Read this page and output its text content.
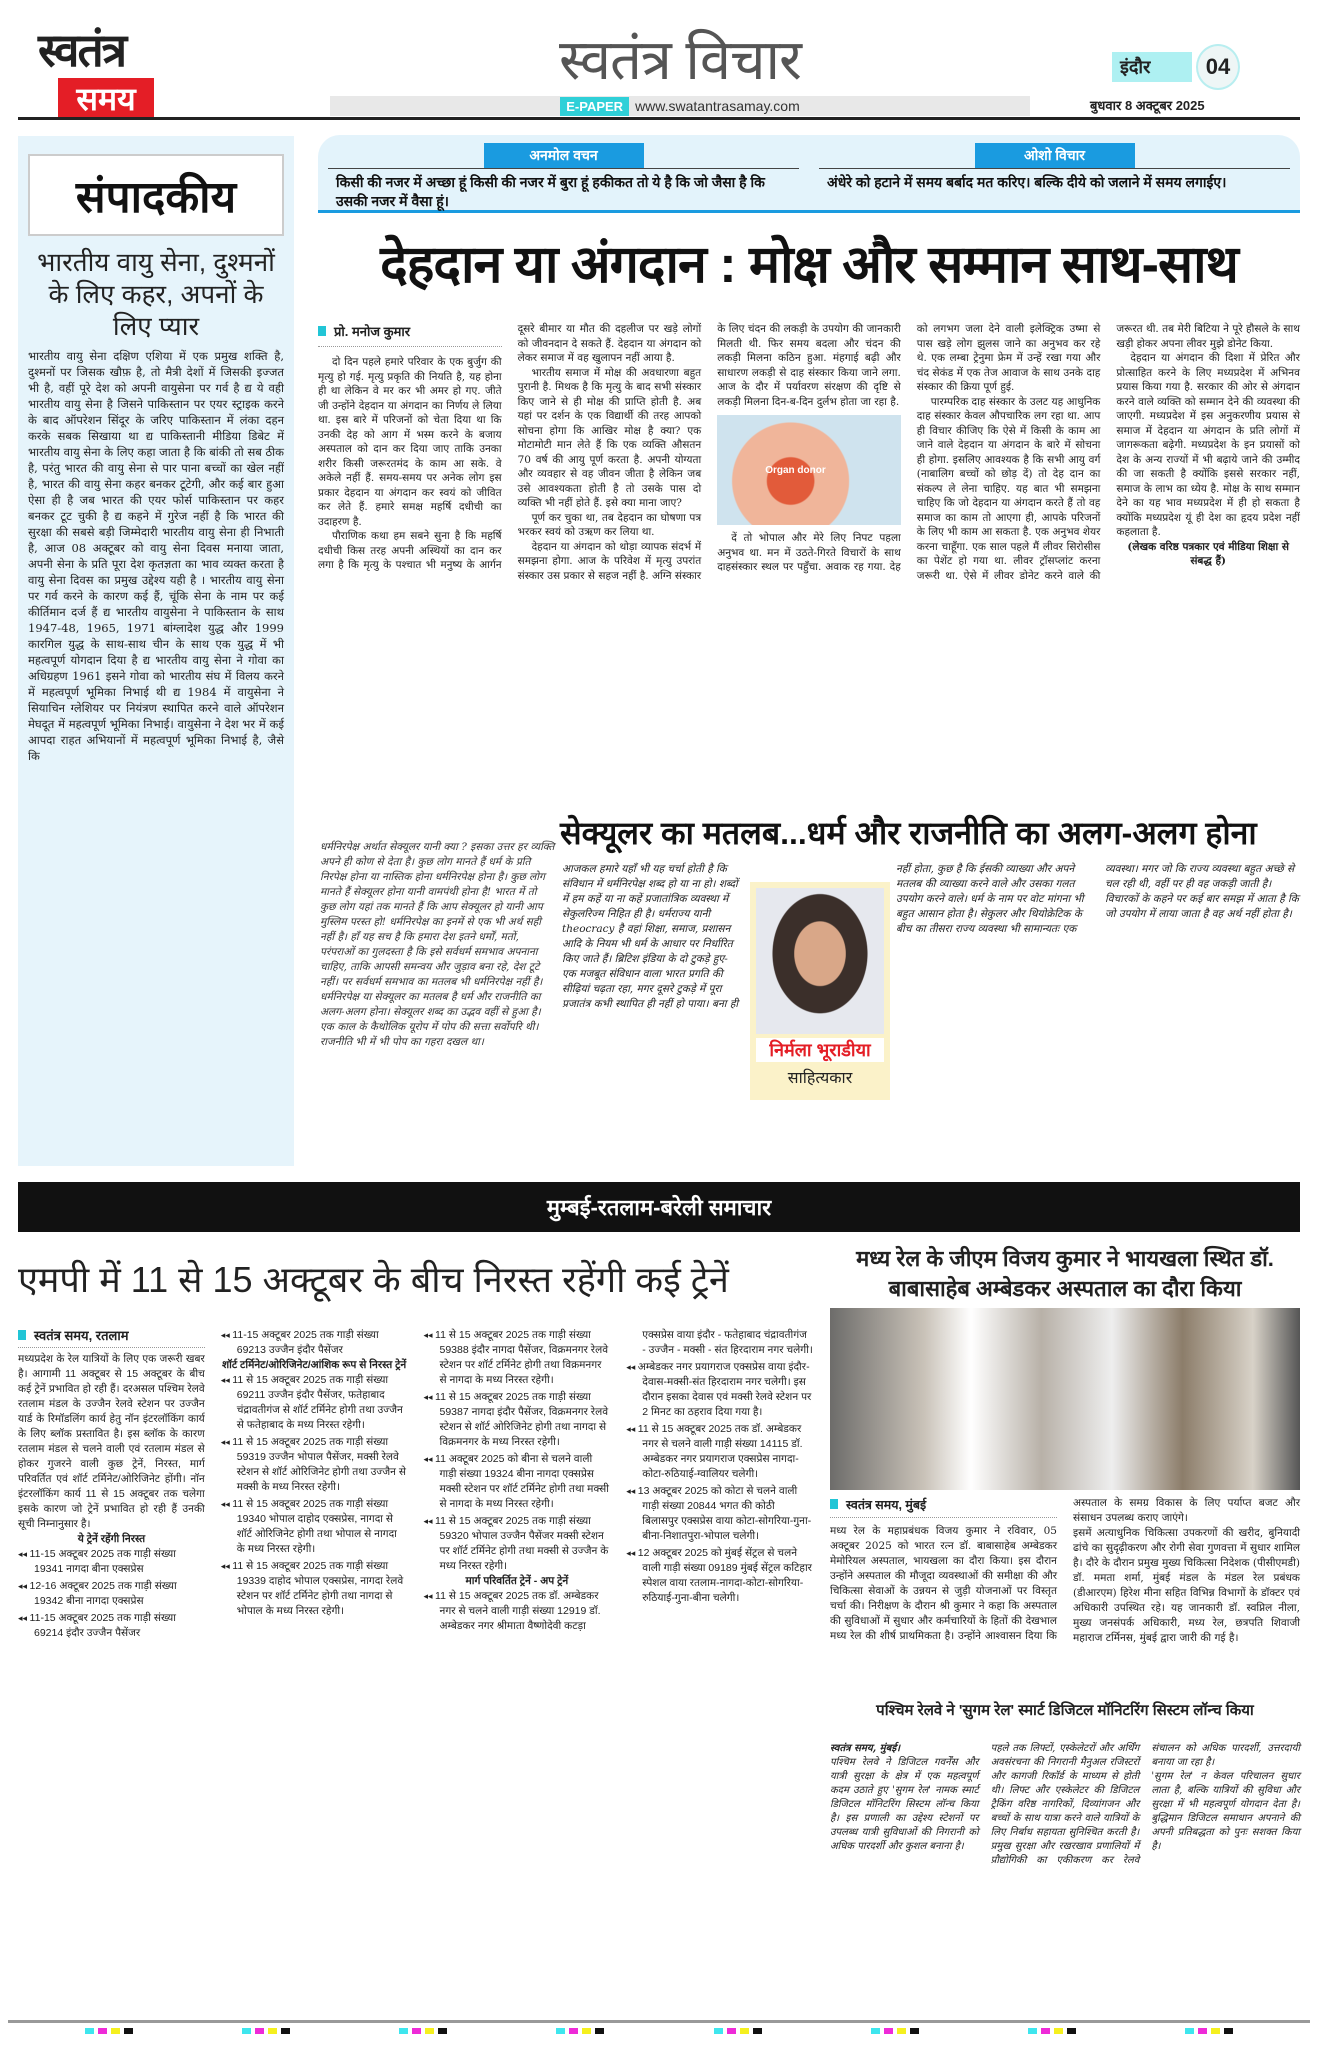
स्वतंत्र
समय
स्वतंत्र विचार
E-PAPER www.swatantrasamay.com
इंदौर	04
बुधवार 8 अक्टूबर 2025
संपादकीय
भारतीय वायु सेना, दुश्मनों के लिए कहर, अपनों के लिए प्यार

भारतीय वायु सेना दक्षिण एशिया में एक प्रमुख शक्ति है, दुश्मनों पर जिसक खौफ़ है, तो मैत्री देशों में जिसकी इज्जत भी है, वहीं पूरे देश को अपनी वायुसेना पर गर्व है द्य ये वही भारतीय वायु सेना है जिसने पाकिस्तान पर एयर स्ट्राइक करने के बाद ऑपरेशन सिंदूर के जरिए पाकिस्तान में लंका दहन करके सबक सिखाया था द्य पाकिस्तानी मीडिया डिबेट में भारतीय वायु सेना के लिए कहा जाता है कि बांकी तो सब ठीक है, परंतु भारत की वायु सेना से पार पाना बच्चों का खेल नहीं है, भारत की वायु सेना कहर बनकर टूटेगी, और कई बार हुआ ऐसा ही है जब भारत की एयर फोर्स पाकिस्तान पर कहर बनकर टूट चुकी है द्य कहने में गुरेज नहीं है कि भारत की सुरक्षा की सबसे बड़ी जिम्मेदारी भारतीय वायु सेना ही निभाती है, आज 08 अक्टूबर को वायु सेना दिवस मनाया जाता, अपनी सेना के प्रति पूरा देश कृतज्ञता का भाव व्यक्त करता है वायु सेना दिवस का प्रमुख उद्देश्य यही है । भारतीय वायु सेना पर गर्व करने के कारण कई हैं, चूंकि सेना के नाम पर कई कीर्तिमान दर्ज हैं द्य भारतीय वायुसेना ने पाकिस्तान के साथ 1947-48, 1965, 1971 बांग्लादेश युद्ध और 1999 कारगिल युद्ध के साथ-साथ चीन के साथ एक युद्ध में भी महत्वपूर्ण योगदान दिया है द्य भारतीय वायु सेना ने गोवा का अधिग्रहण 1961 इसने गोवा को भारतीय संघ में विलय करने में महत्वपूर्ण भूमिका निभाई थी द्य 1984 में वायुसेना ने सियाचिन ग्लेशियर पर नियंत्रण स्थापित करने वाले ऑपरेशन मेघदूत में महत्वपूर्ण भूमिका निभाई। वायुसेना ने देश भर में कई आपदा राहत अभियानों में महत्वपूर्ण भूमिका निभाई है, जैसे कि

अनमोल वचन
किसी की नजर में अच्छा हूं किसी की नजर में बुरा हूं हकीकत तो ये है कि जो जैसा है कि उसकी नजर में वैसा हूं।
ओशो विचार
अंधेरे को हटाने में समय बर्बाद मत करिए। बल्कि दीये को जलाने में समय लगाईए।
देहदान या अंगदान : मोक्ष और सम्मान साथ-साथ
प्रो. मनोज कुमार

दो दिन पहले हमारे परिवार के एक बुर्जुग की मृत्यु हो गई. मृत्यु प्रकृति की नियति है, यह होना ही था लेकिन वे मर कर भी अमर हो गए. जीते जी उन्होंने देहदान या अंगदान का निर्णय ले लिया था. इस बारे में परिजनों को चेता दिया था कि उनकी देह को आग में भस्म करने के बजाय अस्पताल को दान कर दिया जाए ताकि उनका शरीर किसी जरूरतमंद के काम आ सके. वे अकेले नहीं हैं. समय-समय पर अनेक लोग इस प्रकार देहदान या अंगदान कर स्वयं को जीवित कर लेते हैं. हमारे समक्ष महर्षि दधीची का उदाहरण है.

पौराणिक कथा हम सबने सुना है कि महर्षि दधीची किस तरह अपनी अस्थियों का दान कर लगा है कि मृत्यु के पश्चात भी मनुष्य के आर्गन दूसरे बीमार या मौत की दहलीज पर खड़े लोगों को जीवनदान दे सकते हैं. देहदान या अंगदान को लेकर समाज में वह खुलापन नहीं आया है.

भारतीय समाज में मोक्ष की अवधारणा बहुत पुरानी है. मिथक है कि मृत्यु के बाद सभी संस्कार किए जाने से ही मोक्ष की प्राप्ति होती है. अब यहां पर दर्शन के एक विद्यार्थी की तरह आपको सोचना होगा कि आखिर मोक्ष है क्या? एक मोटामोटी मान लेते हैं कि एक व्यक्ति औसतन 70 वर्ष की आयु पूर्ण करता है. अपनी योग्यता और व्यवहार से वह जीवन जीता है लेकिन जब उसे आवश्यकता होती है तो उसके पास दो व्यक्ति भी नहीं होते हैं. इसे क्या माना जाए?

पूर्ण कर चुका था, तब देहदान का घोषणा पत्र भरकर स्वयं को उऋण कर लिया था.

देहदान या अंगदान को थोड़ा व्यापक संदर्भ में समझना होगा. आज के परिवेश में मृत्यु उपरांत संस्कार उस प्रकार से सहज नहीं है. अग्नि संस्कार के लिए चंदन की लकड़ी के उपयोग की जानकारी मिलती थी. फिर समय बदला और चंदन की लकड़ी मिलना कठिन हुआ. मंहगाई बढ़ी और साधारण लकड़ी से दाह संस्कार किया जाने लगा. आज के दौर में पर्यावरण संरक्षण की दृष्टि से लकड़ी मिलना दिन-ब-दिन दुर्लभ होता जा रहा है.

Organ donor

दें तो भोपाल और मेरे लिए निपट पहला अनुभव था. मन में उठते-गिरते विचारों के साथ दाहसंस्कार स्थल पर पहुँचा. अवाक रह गया. देह को लगभग जला देने वाली इलेक्ट्रिक उष्मा से पास खड़े लोग झुलस जाने का अनुभव कर रहे थे. एक लम्बा ट्रेनुमा फ्रेम में उन्हें रखा गया और चंद सेकंड में एक तेज आवाज के साथ उनके दाह संस्कार की क्रिया पूर्ण हुई.

पारम्परिक दाह संस्कार के उलट यह आधुनिक दाह संस्कार केवल औपचारिक लग रहा था. आप ही विचार कीजिए कि ऐसे में किसी के काम आ जाने वाले देहदान या अंगदान के बारे में सोचना ही होगा. इसलिए आवश्यक है कि सभी आयु वर्ग (नाबालिग बच्चों को छोड़ दें) तो देह दान का संकल्प ले लेना चाहिए. यह बात भी समझना चाहिए कि जो देहदान या अंगदान करते हैं तो वह समाज का काम तो आएगा ही, आपके परिजनों के लिए भी काम आ सकता है. एक अनुभव शेयर करना चाहूँगा. एक साल पहले मैं लीवर सिरोसीस का पेशेंट हो गया था. लीवर ट्रॉसप्लांट करना जरूरी था. ऐसे में लीवर डोनेट करने वाले की जरूरत थी. तब मेरी बिटिया ने पूरे हौसले के साथ खड़ी होकर अपना लीवर मुझे डोनेट किया.

देहदान या अंगदान की दिशा में प्रेरित और प्रोत्साहित करने के लिए मध्यप्रदेश में अभिनव प्रयास किया गया है. सरकार की ओर से अंगदान करने वाले व्यक्ति को सम्मान देने की व्यवस्था की जाएगी. मध्यप्रदेश में इस अनुकरणीय प्रयास से समाज में देहदान या अंगदान के प्रति लोगों में जागरूकता बढ़ेगी. मध्यप्रदेश के इन प्रयासों को देश के अन्य राज्यों में भी बढ़ाये जाने की उम्मीद की जा सकती है क्योंकि इससे सरकार नहीं, समाज के लाभ का ध्येय है. मोक्ष के साथ सम्मान देने का यह भाव मध्यप्रदेश में ही हो सकता है क्योंकि मध्यप्रदेश यूं ही देश का हृदय प्रदेश नहीं कहलाता है.

(लेखक वरिष्ठ पत्रकार एवं मीडिया शिक्षा से संबद्ध हैं)

धर्मनिरपेक्ष अर्थात सेक्यूलर यानी क्या ? इसका उत्तर हर व्यक्ति अपने ही कोण से देता है। कुछ लोग मानते हैं धर्म के प्रति निरपेक्ष होना या नास्तिक होना धर्मनिरपेक्ष होना है। कुछ लोग मानते हैं सेक्यूलर होना यानी वामपंथी होना है! भारत में तो कुछ लोग यहां तक मानते हैं कि आप सेक्यूलर हो यानी आप मुस्लिम परस्त हो! धर्मनिरपेक्ष का इनमें से एक भी अर्थ सही नहीं है। हाँ यह सच है कि हमारा देश इतने धर्मों, मतों, परंपराओं का गुलदस्ता है कि इसे सर्वधर्म समभाव अपनाना चाहिए, ताकि आपसी समन्वय और जुड़ाव बना रहे, देश टूटे नहीं। पर सर्वधर्म समभाव का मतलब भी धर्मनिरपेक्ष नहीं है। धर्मनिरपेक्ष या सेक्यूलर का मतलब है धर्म और राजनीति का अलग-अलग होना। सेक्यूलर शब्द का उद्भव वहीं से हुआ है। एक काल के कैथोलिक यूरोप में पोप की सत्ता सर्वोपरि थी। राजनीति भी में भी पोप का गहरा दखल था।
सेक्यूलर का मतलब...धर्म और राजनीति का अलग-अलग होना
आजकल हमारे यहाँ भी यह चर्चा होती है कि संविधान में धर्मनिरपेक्ष शब्द हो या ना हो। शब्दों में हम कहें या ना कहें प्रजातांत्रिक व्यवस्था में सेकुलरिज्म निहित ही है। धर्मराज्य यानी theocracy है वहां शिक्षा, समाज, प्रशासन आदि के नियम भी धर्म के आधार पर निर्धारित किए जाते हैं। ब्रिटिश इंडिया के दो टुकड़े हुए- एक मजबूत संविधान वाला भारत प्रगति की सीढ़ियां चढ़ता रहा, मगर दूसरे टुकड़े में पूरा प्रजातंत्र कभी स्थापित ही नहीं हो पाया। बना ही
निर्मला भूराडीया
साहित्यकार
नहीं होता, कुछ है कि ईसकी व्याख्या और अपने मतलब की व्याख्या करने वाले और उसका गलत उपयोग करने वाले। धर्म के नाम पर वोट मांगना भी बहुत आसान होता है। सेकुलर और थियोक्रेटिक के बीच का तीसरा राज्य व्यवस्था भी सामान्यतः एक व्यवस्था। मगर जो कि राज्य व्यवस्था बहुत अच्छे से चल रही थी, वहीं पर ही वह जकड़ी जाती है। विचारकों के कहने पर कई बार समझ में आता है कि जो उपयोग में लाया जाता है वह अर्थ नहीं होता है।
मुम्बई-रतलाम-बरेली समाचार
एमपी में 11 से 15 अक्टूबर के बीच निरस्त रहेंगी कई ट्रेनें
स्वतंत्र समय, रतलाम

मध्यप्रदेश के रेल यात्रियों के लिए एक जरूरी खबर है। आगामी 11 अक्टूबर से 15 अक्टूबर के बीच कई ट्रेनें प्रभावित हो रही हैं। दरअसल पश्चिम रेलवे रतलाम मंडल के उज्जैन रेलवे स्टेशन पर उज्जैन यार्ड के रिमॉडलिंग कार्य हेतु नॉन इंटरलॉकिंग कार्य के लिए ब्लॉक प्रस्तावित है। इस ब्लॉक के कारण रतलाम मंडल से चलने वाली एवं रतलाम मंडल से होकर गुजरने वाली कुछ ट्रेनें, निरस्त, मार्ग परिवर्तित एवं शॉर्ट टर्मिनेट/ओरिजिनेट होंगी। नॉन इंटरलॉकिंग कार्य 11 से 15 अक्टूबर तक चलेगा इसके कारण जो ट्रेनें प्रभावित हो रही हैं उनकी सूची निम्नानुसार है।

ये ट्रेनें रहेंगी निरस्त
◂◂ 11-15 अक्टूबर 2025 तक गाड़ी संख्या 19341 नागदा बीना एक्सप्रेस
◂◂ 12-16 अक्टूबर 2025 तक गाड़ी संख्या 19342 बीना नागदा एक्सप्रेस
◂◂ 11-15 अक्टूबर 2025 तक गाड़ी संख्या 69214 इंदौर उज्जैन पैसेंजर
◂◂ 11-15 अक्टूबर 2025 तक गाड़ी संख्या 69213 उज्जैन इंदौर पैसेंजर
शॉर्ट टर्मिनेट/ओरिजिनेट/आंशिक रूप से निरस्त ट्रेनें
◂◂ 11 से 15 अक्टूबर 2025 तक गाड़ी संख्या 69211 उज्जैन इंदौर पैसेंजर, फतेहाबाद चंद्रावतीगंज से शॉर्ट टर्मिनेट होगी तथा उज्जैन से फतेहाबाद के मध्य निरस्त रहेगी।
◂◂ 11 से 15 अक्टूबर 2025 तक गाड़ी संख्या 59319 उज्जैन भोपाल पैसेंजर, मक्सी रेलवे स्टेशन से शॉर्ट ओरिजिनेट होगी तथा उज्जैन से मक्सी के मध्य निरस्त रहेगी।
◂◂ 11 से 15 अक्टूबर 2025 तक गाड़ी संख्या 19340 भोपाल दाहोद एक्सप्रेस, नागदा से शॉर्ट ओरिजिनेट होगी तथा भोपाल से नागदा के मध्य निरस्त रहेगी।
◂◂ 11 से 15 अक्टूबर 2025 तक गाड़ी संख्या 19339 दाहोद भोपाल एक्सप्रेस, नागदा रेलवे स्टेशन पर शॉर्ट टर्मिनेट होगी तथा नागदा से भोपाल के मध्य निरस्त रहेगी।
◂◂ 11 से 15 अक्टूबर 2025 तक गाड़ी संख्या 59388 इंदौर नागदा पैसेंजर, विक्रमनगर रेलवे स्टेशन पर शॉर्ट टर्मिनेट होगी तथा विक्रमनगर से नागदा के मध्य निरस्त रहेगी।
◂◂ 11 से 15 अक्टूबर 2025 तक गाड़ी संख्या 59387 नागदा इंदौर पैसेंजर, विक्रमनगर रेलवे स्टेशन से शॉर्ट ओरिजिनेट होगी तथा नागदा से विक्रमनगर के मध्य निरस्त रहेगी।
◂◂ 11 अक्टूबर 2025 को बीना से चलने वाली गाड़ी संख्या 19324 बीना नागदा एक्सप्रेस मक्सी स्टेशन पर शॉर्ट टर्मिनेट होगी तथा मक्सी से नागदा के मध्य निरस्त रहेगी।
◂◂ 11 से 15 अक्टूबर 2025 तक गाड़ी संख्या 59320 भोपाल उज्जैन पैसेंजर मक्सी स्टेशन पर शॉर्ट टर्मिनेट होगी तथा मक्सी से उज्जैन के मध्य निरस्त रहेगी।
मार्ग परिवर्तित ट्रेनें - अप ट्रेनें
◂◂ 11 से 15 अक्टूबर 2025 तक डॉ. अम्बेडकर नगर से चलने वाली गाड़ी संख्या 12919 डॉ. अम्बेडकर नगर श्रीमाता वैष्णोदेवी कटड़ा एक्सप्रेस वाया इंदौर - फतेहाबाद चंद्रावतीगंज - उज्जैन - मक्सी - संत हिरदाराम नगर चलेगी।
◂◂ अम्बेडकर नगर प्रयागराज एक्सप्रेस वाया इंदौर-देवास-मक्सी-संत हिरदाराम नगर चलेगी। इस दौरान इसका देवास एवं मक्सी रेलवे स्टेशन पर 2 मिनट का ठहराव दिया गया है।
◂◂ 11 से 15 अक्टूबर 2025 तक डॉ. अम्बेडकर नगर से चलने वाली गाड़ी संख्या 14115 डॉ. अम्बेडकर नगर प्रयागराज एक्सप्रेस नागदा-कोटा-रुठियाई-ग्वालियर चलेगी।
◂◂ 13 अक्टूबर 2025 को कोटा से चलने वाली गाड़ी संख्या 20844 भगत की कोठी बिलासपुर एक्सप्रेस वाया कोटा-सोगरिया-गुना-बीना-निशातपुरा-भोपाल चलेगी।
◂◂ 12 अक्टूबर 2025 को मुंबई सेंट्रल से चलने वाली गाड़ी संख्या 09189 मुंबई सेंट्रल कटिहार स्पेशल वाया रतलाम-नागदा-कोटा-सोगरिया-रुठियाई-गुना-बीना चलेगी।
मध्य रेल के जीएम विजय कुमार ने भायखला स्थित डॉ. बाबासाहेब अम्बेडकर अस्पताल का दौरा किया
स्वतंत्र समय, मुंबई

मध्य रेल के महाप्रबंधक विजय कुमार ने रविवार, 05 अक्टूबर 2025 को भारत रत्न डॉ. बाबासाहेब अम्बेडकर मेमोरियल अस्पताल, भायखला का दौरा किया। इस दौरान उन्होंने अस्पताल की मौजूदा व्यवस्थाओं की समीक्षा की और चिकित्सा सेवाओं के उन्नयन से जुड़ी योजनाओं पर विस्तृत चर्चा की। निरीक्षण के दौरान श्री कुमार ने कहा कि अस्पताल की सुविधाओं में सुधार और कर्मचारियों के हितों की देखभाल मध्य रेल की शीर्ष प्राथमिकता है। उन्होंने आश्वासन दिया कि अस्पताल के समग्र विकास के लिए पर्याप्त बजट और संसाधन उपलब्ध कराए जाएंगे।

इसमें अत्याधुनिक चिकित्सा उपकरणों की खरीद, बुनियादी ढांचे का सुदृढ़ीकरण और रोगी सेवा गुणवत्ता में सुधार शामिल है। दौरे के दौरान प्रमुख मुख्य चिकित्सा निदेशक (पीसीएमडी) डॉ. ममता शर्मा, मुंबई मंडल के मंडल रेल प्रबंधक (डीआरएम) हिरेश मीना सहित विभिन्न विभागों के डॉक्टर एवं अधिकारी उपस्थित रहे। यह जानकारी डॉ. स्वप्निल नीला, मुख्य जनसंपर्क अधिकारी, मध्य रेल, छत्रपति शिवाजी महाराज टर्मिनस, मुंबई द्वारा जारी की गई है।

पश्चिम रेलवे ने 'सुगम रेल' स्मार्ट डिजिटल मॉनिटरिंग सिस्टम लॉन्च किया
स्वतंत्र समय, मुंबई।

पश्चिम रेलवे ने डिजिटल गवर्नेंस और यात्री सुरक्षा के क्षेत्र में एक महत्वपूर्ण कदम उठाते हुए 'सुगम रेल' नामक स्मार्ट डिजिटल मॉनिटरिंग सिस्टम लॉन्च किया है। इस प्रणाली का उद्देश्य स्टेशनों पर उपलब्ध यात्री सुविधाओं की निगरानी को अधिक पारदर्शी और कुशल बनाना है।

पहले तक लिफ्टों, एस्केलेटरों और अर्थिंग अवसंरचना की निगरानी मैनुअल रजिस्टरों और कागजी रिकॉर्ड के माध्यम से होती थी। लिफ्ट और एस्केलेटर की डिजिटल ट्रैकिंग वरिष्ठ नागरिकों, दिव्यांगजन और बच्चों के साथ यात्रा करने वाले यात्रियों के लिए निर्बाध सहायता सुनिश्चित करती है। प्रमुख सुरक्षा और रखरखाव प्रणालियों में प्रौद्योगिकी का एकीकरण कर रेलवे संचालन को अधिक पारदर्शी, उत्तरदायी बनाया जा रहा है।

'सुगम रेल' न केवल परिचालन सुधार लाता है, बल्कि यात्रियों की सुविधा और सुरक्षा में भी महत्वपूर्ण योगदान देता है। बुद्धिमान डिजिटल समाधान अपनाने की अपनी प्रतिबद्धता को पुनः सशक्त किया है।
